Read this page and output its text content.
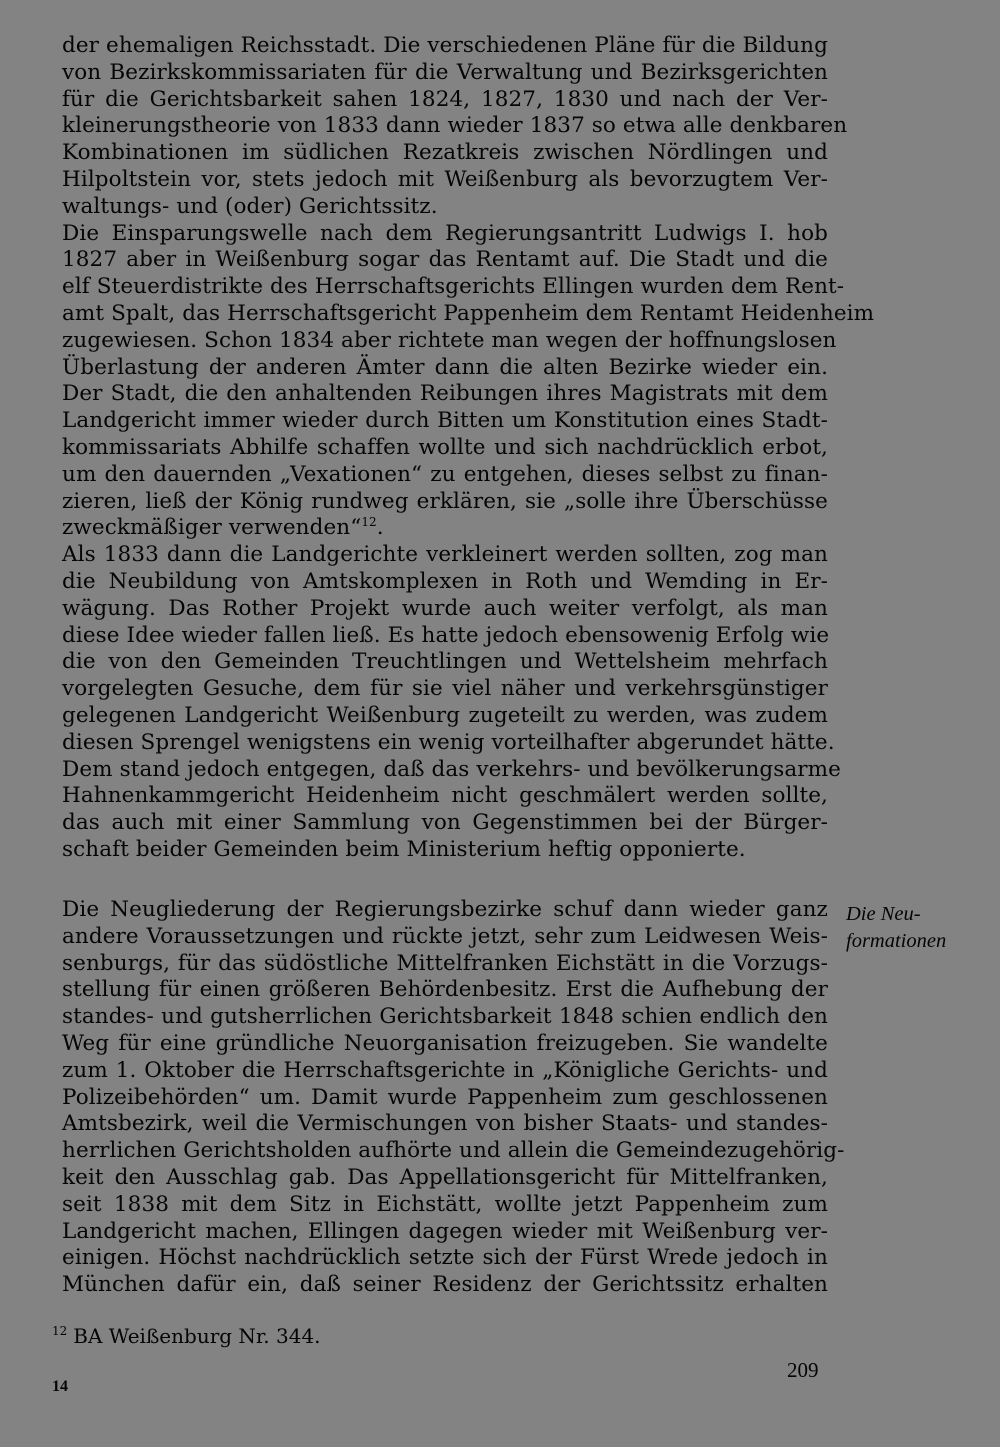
der ehemaligen Reichsstadt. Die verschiedenen Pläne für die Bildung
von Bezirkskommissariaten für die Verwaltung und Bezirksgerichten
für die Gerichtsbarkeit sahen 1824, 1827, 1830 und nach der Ver-
kleinerungstheorie von 1833 dann wieder 1837 so etwa alle denkbaren
Kombinationen im südlichen Rezatkreis zwischen Nördlingen und
Hilpoltstein vor, stets jedoch mit Weißenburg als bevorzugtem Ver-
waltungs- und (oder) Gerichtssitz.
Die Einsparungswelle nach dem Regierungsantritt Ludwigs I. hob
1827 aber in Weißenburg sogar das Rentamt auf. Die Stadt und die
elf Steuerdistrikte des Herrschaftsgerichts Ellingen wurden dem Rent-
amt Spalt, das Herrschaftsgericht Pappenheim dem Rentamt Heidenheim
zugewiesen. Schon 1834 aber richtete man wegen der hoffnungslosen
Überlastung der anderen Ämter dann die alten Bezirke wieder ein.
Der Stadt, die den anhaltenden Reibungen ihres Magistrats mit dem
Landgericht immer wieder durch Bitten um Konstitution eines Stadt-
kommissariats Abhilfe schaffen wollte und sich nachdrücklich erbot,
um den dauernden „Vexationen“ zu entgehen, dieses selbst zu finan-
zieren, ließ der König rundweg erklären, sie „solle ihre Überschüsse
zweckmäßiger verwenden“$^{12}$.
Als 1833 dann die Landgerichte verkleinert werden sollten, zog man
die Neubildung von Amtskomplexen in Roth und Wemding in Er-
wägung. Das Rother Projekt wurde auch weiter verfolgt, als man
diese Idee wieder fallen ließ. Es hatte jedoch ebensowenig Erfolg wie
die von den Gemeinden Treuchtlingen und Wettelsheim mehrfach
vorgelegten Gesuche, dem für sie viel näher und verkehrsgünstiger
gelegenen Landgericht Weißenburg zugeteilt zu werden, was zudem
diesen Sprengel wenigstens ein wenig vorteilhafter abgerundet hätte.
Dem stand jedoch entgegen, daß das verkehrs- und bevölkerungsarme
Hahnenkammgericht Heidenheim nicht geschmälert werden sollte,
das auch mit einer Sammlung von Gegenstimmen bei der Bürger-
schaft beider Gemeinden beim Ministerium heftig opponierte.
Die Neugliederung der Regierungsbezirke schuf dann wieder ganz
andere Voraussetzungen und rückte jetzt, sehr zum Leidwesen Weis-
senburgs, für das südöstliche Mittelfranken Eichstätt in die Vorzugs-
stellung für einen größeren Behördenbesitz. Erst die Aufhebung der
standes- und gutsherrlichen Gerichtsbarkeit 1848 schien endlich den
Weg für eine gründliche Neuorganisation freizugeben. Sie wandelte
zum 1. Oktober die Herrschaftsgerichte in „Königliche Gerichts- und
Polizeibehörden“ um. Damit wurde Pappenheim zum geschlossenen
Amtsbezirk, weil die Vermischungen von bisher Staats- und standes-
herrlichen Gerichtsholden aufhörte und allein die Gemeindezugehörig-
keit den Ausschlag gab. Das Appellationsgericht für Mittelfranken,
seit 1838 mit dem Sitz in Eichstätt, wollte jetzt Pappenheim zum
Landgericht machen, Ellingen dagegen wieder mit Weißenburg ver-
einigen. Höchst nachdrücklich setzte sich der Fürst Wrede jedoch in
München dafür ein, daß seiner Residenz der Gerichtssitz erhalten
Die Neu-
formationen
$^{12}$ BA Weißenburg Nr. 344.
209
14
